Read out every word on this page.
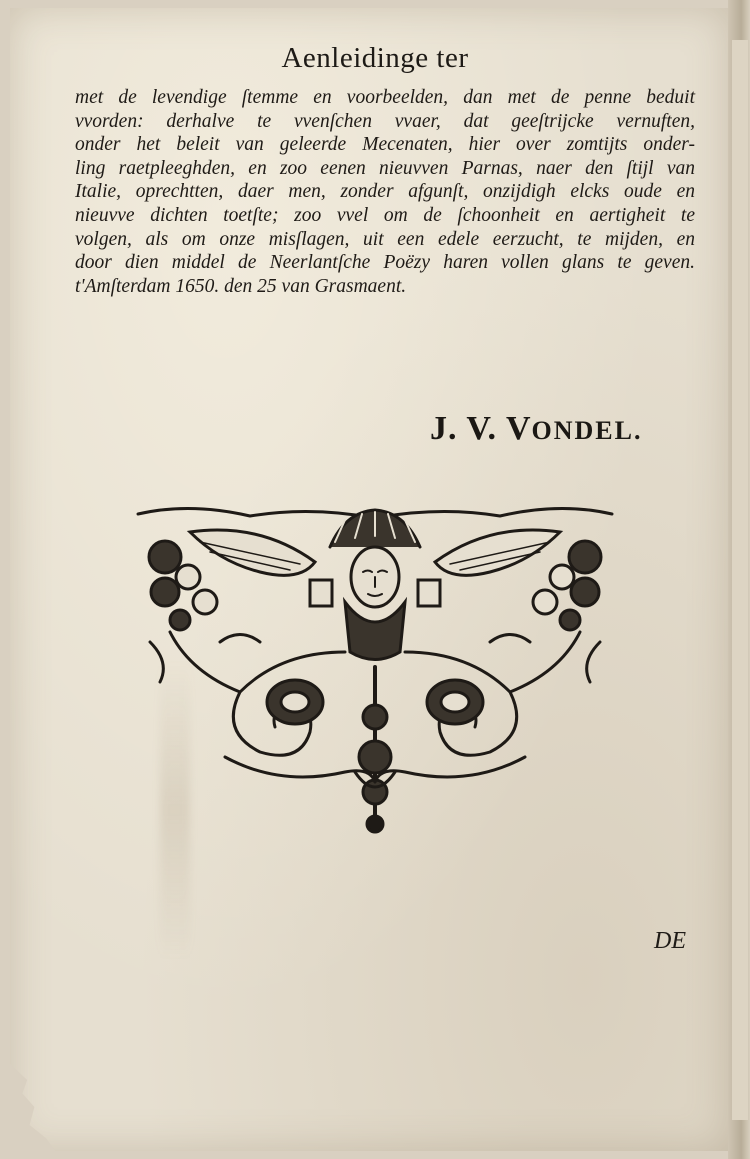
Aenleidinge ter
met de levendige ſtemme en voorbeelden, dan met de penne beduit
vvorden: derhalve te vvenſchen vvaer, dat geeſtrijcke vernuften,
onder het beleit van geleerde Mecenaten, hier over zomtijts onder-
ling raetpleeghden, en zoo eenen nieuvven Parnas, naer den ſtijl van
Italie, oprechtten, daer men, zonder afgunſt, onzijdigh elcks oude en
nieuvve dichten toetſte; zoo vvel om de ſchoonheit en aertigheit te
volgen, als om onze misſlagen, uit een edele eerzucht, te mijden, en
door dien middel de Neerlantſche Poëzy haren vollen glans te geven.
t'Amſterdam 1650. den 25 van Grasmaent.
J. V. VONDEL.
DE
